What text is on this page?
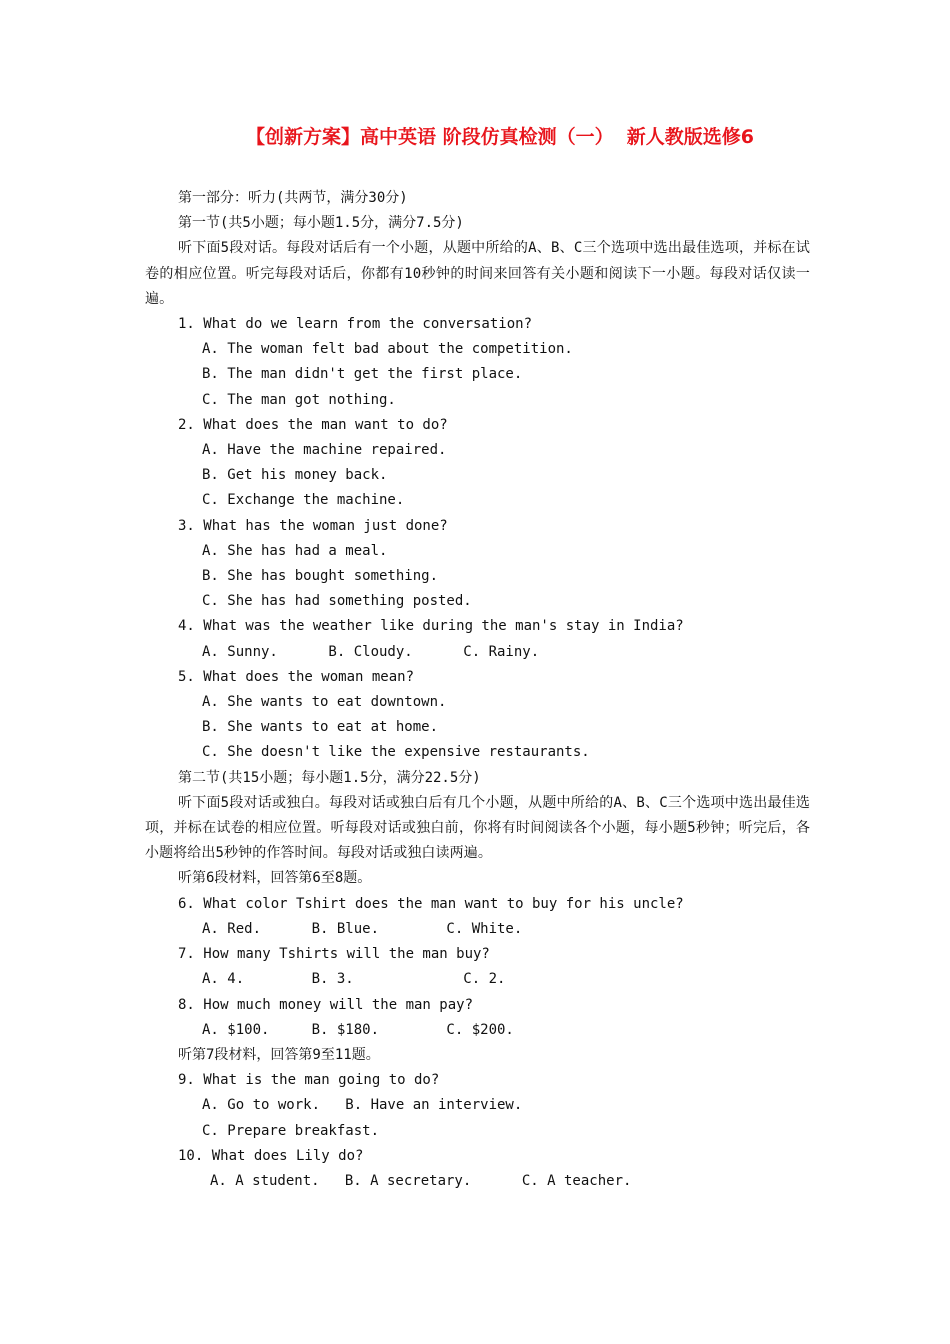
【创新方案】高中英语 阶段仿真检测（一）  新人教版选修6
第一部分：听力(共两节，满分30分)
第一节(共5小题；每小题1.5分，满分7.5分)
听下面5段对话。每段对话后有一个小题，从题中所给的A、B、C三个选项中选出最佳选项，并标在试卷的相应位置。听完每段对话后，你都有10秒钟的时间来回答有关小题和阅读下一小题。每段对话仅读一遍。
1. What do we learn from the conversation?
A. The woman felt bad about the competition.
B. The man didn't get the first place.
C. The man got nothing.
2. What does the man want to do?
A. Have the machine repaired.
B. Get his money back.
C. Exchange the machine.
3. What has the woman just done?
A. She has had a meal.
B. She has bought something.
C. She has had something posted.
4. What was the weather like during the man's stay in India?
A. Sunny.      B. Cloudy.      C. Rainy.
5. What does the woman mean?
A. She wants to eat downtown.
B. She wants to eat at home.
C. She doesn't like the expensive restaurants.
第二节(共15小题；每小题1.5分，满分22.5分)
听下面5段对话或独白。每段对话或独白后有几个小题，从题中所给的A、B、C三个选项中选出最佳选项，并标在试卷的相应位置。听每段对话或独白前，你将有时间阅读各个小题，每小题5秒钟；听完后，各小题将给出5秒钟的作答时间。每段对话或独白读两遍。
听第6段材料，回答第6至8题。
6. What color Tshirt does the man want to buy for his uncle?
A. Red.      B. Blue.        C. White.
7. How many Tshirts will the man buy?
A. 4.        B. 3.             C. 2.
8. How much money will the man pay?
A. $100.     B. $180.        C. $200.
听第7段材料，回答第9至11题。
9. What is the man going to do?
A. Go to work.   B. Have an interview.
C. Prepare breakfast.
10. What does Lily do?
A. A student.   B. A secretary.      C. A teacher.
